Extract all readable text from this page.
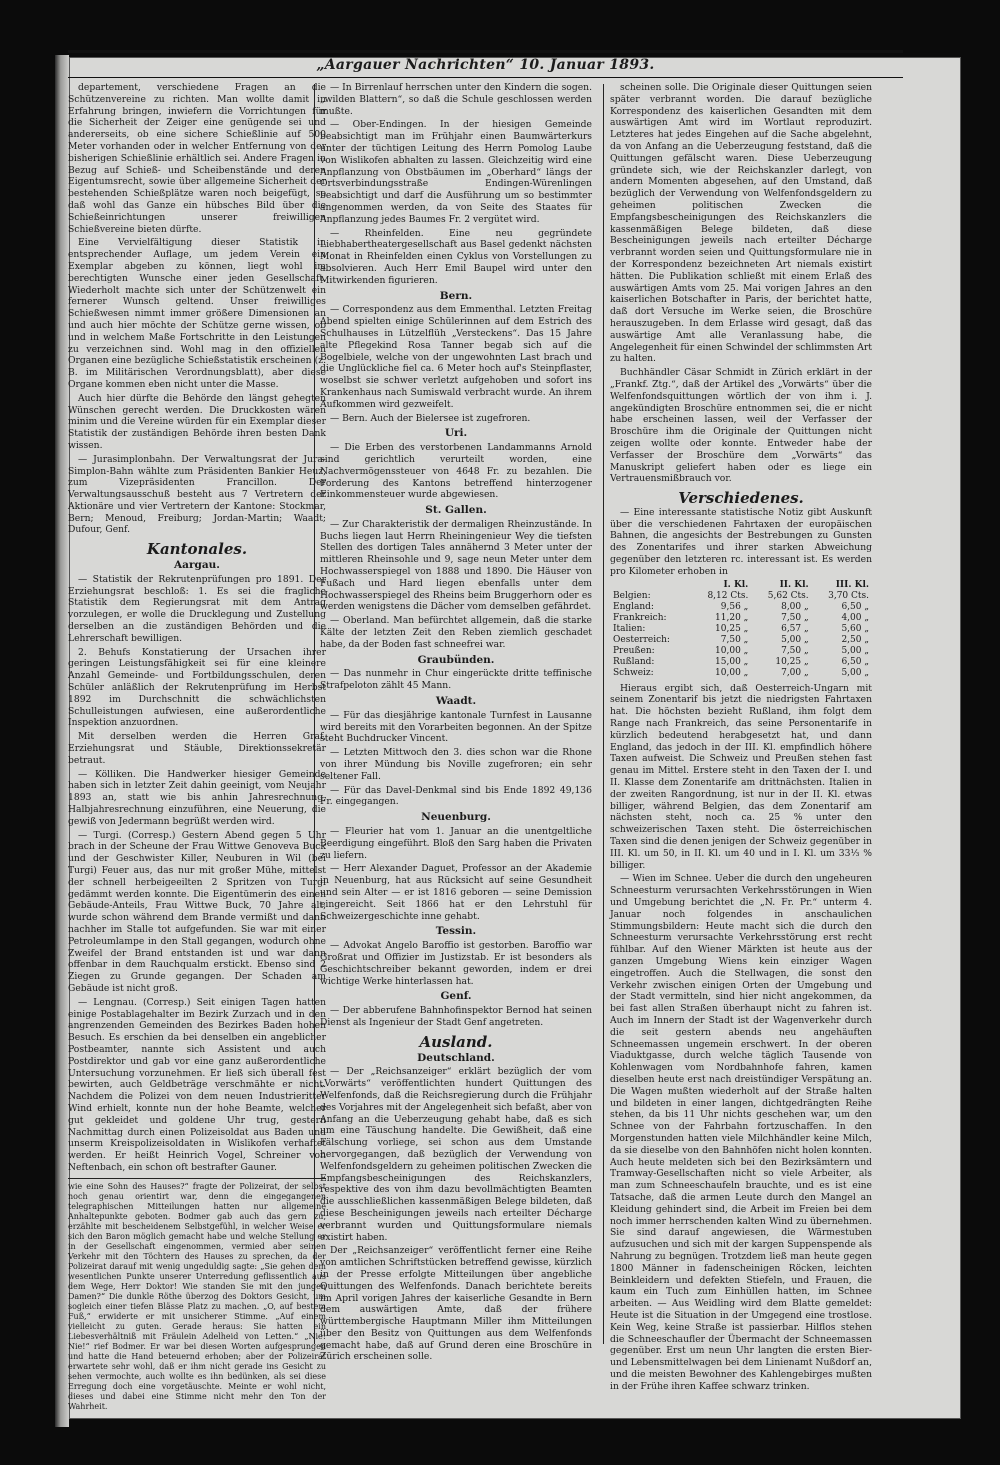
„Aargauer Nachrichten“ 10. Januar 1893.

departement, verschiedene Fragen an die Schützenvereine zu richten. Man wollte damit in Erfahrung bringen, inwiefern die Vorrichtungen für die Sicherheit der Zeiger eine genügende sei und andererseits, ob eine sichere Schießlinie auf 500 Meter vorhanden oder in welcher Entfernung von der bisherigen Schießlinie erhältlich sei. Andere Fragen in Bezug auf Schieß- und Scheibenstände und deren Eigentumsrecht, sowie über allgemeine Sicherheit der bestehenden Schießplätze waren noch beigefügt, so daß wohl das Ganze ein hübsches Bild über die Schießeinrichtungen unserer freiwilligen Schießvereine bieten dürfte.

Eine Vervielfältigung dieser Statistik in entsprechender Auflage, um jedem Verein ein Exemplar abgeben zu können, liegt wohl im berechtigten Wunsche einer jeden Gesellschaft. Wiederholt machte sich unter der Schützenwelt ein fernerer Wunsch geltend. Unser freiwilliges Schießwesen nimmt immer größere Dimensionen an und auch hier möchte der Schütze gerne wissen, ob und in welchem Maße Fortschritte in den Leistungen zu verzeichnen sind. Wohl mag in den offiziellen Organen eine bezügliche Schießstatistik erscheinen (z. B. im Militärischen Verordnungsblatt), aber diese Organe kommen eben nicht unter die Masse.

Auch hier dürfte die Behörde den längst gehegten Wünschen gerecht werden. Die Druckkosten wären minim und die Vereine würden für ein Exemplar dieser Statistik der zuständigen Behörde ihren besten Dank wissen.

— Jurasimplonbahn. Der Verwaltungsrat der Jura-Simplon-Bahn wählte zum Präsidenten Bankier Heuz, zum Vizepräsidenten Francillon. Der Verwaltungsausschuß besteht aus 7 Vertretern der Aktionäre und vier Vertretern der Kantone: Stockmar, Bern; Menoud, Freiburg; Jordan-Martin; Waadt; Dufour, Genf.

Kantonales.
Aargau.

— Statistik der Rekrutenprüfungen pro 1891. Der Erziehungsrat beschloß: 1. Es sei die fragliche Statistik dem Regierungsrat mit dem Antrag vorzulegen, er wolle die Drucklegung und Zustellung derselben an die zuständigen Behörden und die Lehrerschaft bewilligen.

2. Behufs Konstatierung der Ursachen ihrer geringen Leistungsfähigkeit sei für eine kleinere Anzahl Gemeinde- und Fortbildungsschulen, deren Schüler anläßlich der Rekrutenprüfung im Herbst 1892 im Durchschnitt die schwächlichsten Schulleistungen aufwiesen, eine außerordentliche Inspektion anzuordnen.

Mit derselben werden die Herren Graf, Erziehungsrat und Stäuble, Direktionssekretär betraut.

— Kölliken. Die Handwerker hiesiger Gemeinde haben sich in letzter Zeit dahin geeinigt, vom Neujahr 1893 an, statt wie bis anhin Jahresrechnung, Halbjahresrechnung einzuführen, eine Neuerung, die gewiß von Jedermann begrüßt werden wird.

— Turgi. (Corresp.) Gestern Abend gegen 5 Uhr brach in der Scheune der Frau Wittwe Genoveva Buck und der Geschwister Killer, Neuburen in Wil (bei Turgi) Feuer aus, das nur mit großer Mühe, mittelst der schnell herbeigeeilten 2 Spritzen von Turgi gedämmt werden konnte. Die Eigentümerin des einen Gebäude-Anteils, Frau Wittwe Buck, 70 Jahre alt, wurde schon während dem Brande vermißt und dann nachher im Stalle tot aufgefunden. Sie war mit einer Petroleumlampe in den Stall gegangen, wodurch ohne Zweifel der Brand entstanden ist und war dann offenbar in dem Rauchqualm erstickt. Ebenso sind 2 Ziegen zu Grunde gegangen. Der Schaden am Gebäude ist nicht groß.

— Lengnau. (Corresp.) Seit einigen Tagen hatten einige Postablagehalter im Bezirk Zurzach und in den angrenzenden Gemeinden des Bezirkes Baden hohen Besuch. Es erschien da bei denselben ein angeblicher Postbeamter, nannte sich Assistent und auch Postdirektor und gab vor eine ganz außerordentliche Untersuchung vorzunehmen. Er ließ sich überall fest bewirten, auch Geldbeträge verschmähte er nicht. Nachdem die Polizei von dem neuen Industrieritter Wind erhielt, konnte nun der hohe Beamte, welcher gut gekleidet und goldene Uhr trug, gestern Nachmittag durch einen Polizeisoldat aus Baden und unserm Kreispolizeisoldaten in Wislikofen verhaftet werden. Er heißt Heinrich Vogel, Schreiner von Neftenbach, ein schon oft bestrafter Gauner.

wie eine Sohn des Hauses?“ fragte der Polizeirat, der selbst noch genau orientirt war, denn die eingegangenen telegraphischen Mitteilungen hatten nur allgemeine Anhaltepunkte geboten. Bodmer gab auch das gern zu, erzählte mit bescheidenem Selbstgefühl, in welcher Weise er sich den Baron möglich gemacht habe und welche Stellung er in der Gesellschaft eingenommen, vermied aber seinen Verkehr mit den Töchtern des Hauses zu sprechen, da der Polizeirat darauf mit wenig ungeduldig sagte: „Sie gehen dem wesentlichen Punkte unserer Unterredung geflissentlich aus dem Wege, Herr Doktor! Wie standen Sie mit den jungen Damen?“ Die dunkle Röthe überzog des Doktors Gesicht, um sogleich einer tiefen Blässe Platz zu machen. „O, auf bestem Fuß,“ erwiderte er mit unsicherer Stimme. „Auf einem vielleicht zu guten. Gerade heraus: Sie hatten ein Liebesverhältniß mit Fräulein Adelheid von Letten.“ „Nie! Nie!“ rief Bodmer. Er war bei diesen Worten aufgesprungen und hatte die Hand beteuernd erhoben; aber der Polizeirat erwartete sehr wohl, daß er ihm nicht gerade ins Gesicht zu sehen vermochte, auch wollte es ihn bedünken, als sei diese Erregung doch eine vorgetäuschte. Meinte er wohl nicht, dieses und dabei eine Stimme nicht mehr den Ton der Wahrheit.

— In Birrenlauf herrschen unter den Kindern die sogen. „wilden Blattern“, so daß die Schule geschlossen werden mußte.

— Ober-Endingen. In der hiesigen Gemeinde beabsichtigt man im Frühjahr einen Baumwärterkurs unter der tüchtigen Leitung des Herrn Pomolog Laube von Wislikofen abhalten zu lassen. Gleichzeitig wird eine Anpflanzung von Obstbäumen im „Oberhard“ längs der Ortsverbindungsstraße Endingen-Würenlingen beabsichtigt und darf die Ausführung um so bestimmter angenommen werden, da von Seite des Staates für Anpflanzung jedes Baumes Fr. 2 vergütet wird.

— Rheinfelden. Eine neu gegründete Liebhabertheatergesellschaft aus Basel gedenkt nächsten Monat in Rheinfelden einen Cyklus von Vorstellungen zu absolvieren. Auch Herr Emil Baupel wird unter den Mitwirkenden figurieren.

Bern.

— Correspondenz aus dem Emmenthal. Letzten Freitag Abend spielten einige Schülerinnen auf dem Estrich des Schulhauses in Lützelflüh „Versteckens“. Das 15 Jahre alte Pflegekind Rosa Tanner begab sich auf die Bogelbiele, welche von der ungewohnten Last brach und die Unglückliche fiel ca. 6 Meter hoch auf's Steinpflaster, woselbst sie schwer verletzt aufgehoben und sofort ins Krankenhaus nach Sumiswald verbracht wurde. An ihrem Aufkommen wird gezweifelt.

— Bern. Auch der Bielersee ist zugefroren.

Uri.

— Die Erben des verstorbenen Landammanns Arnold sind gerichtlich verurteilt worden, eine Nachvermögenssteuer von 4648 Fr. zu bezahlen. Die Forderung des Kantons betreffend hinterzogener Einkommensteuer wurde abgewiesen.

St. Gallen.

— Zur Charakteristik der dermaligen Rheinzustände. In Buchs liegen laut Herrn Rheiningenieur Wey die tiefsten Stellen des dortigen Tales annähernd 3 Meter unter der mittleren Rheinsohle und 9, sage neun Meter unter dem Hochwasserspiegel von 1888 und 1890. Die Häuser von Fußach und Hard liegen ebenfalls unter dem Hochwasserspiegel des Rheins beim Bruggerhorn oder es werden wenigstens die Dächer vom demselben gefährdet.

— Oberland. Man befürchtet allgemein, daß die starke Kälte der letzten Zeit den Reben ziemlich geschadet habe, da der Boden fast schneefrei war.

Graubünden.

— Das nunmehr in Chur eingerückte dritte teffinische Strafpeloton zählt 45 Mann.

Waadt.

— Für das diesjährige kantonale Turnfest in Lausanne wird bereits mit den Vorarbeiten begonnen. An der Spitze steht Buchdrucker Vincent.

— Letzten Mittwoch den 3. dies schon war die Rhone von ihrer Mündung bis Noville zugefroren; ein sehr seltener Fall.

— Für das Davel-Denkmal sind bis Ende 1892 49,136 Fr. eingegangen.

Neuenburg.

— Fleurier hat vom 1. Januar an die unentgeltliche Beerdigung eingeführt. Bloß den Sarg haben die Privaten zu liefern.

— Herr Alexander Daguet, Professor an der Akademie in Neuenburg, hat aus Rücksicht auf seine Gesundheit und sein Alter — er ist 1816 geboren — seine Demission eingereicht. Seit 1866 hat er den Lehrstuhl für Schweizergeschichte inne gehabt.

Tessin.

— Advokat Angelo Baroffio ist gestorben. Baroffio war Großrat und Offizier im Justizstab. Er ist besonders als Geschichtschreiber bekannt geworden, indem er drei wichtige Werke hinterlassen hat.

Genf.

— Der abberufene Bahnhofinspektor Bernod hat seinen Dienst als Ingenieur der Stadt Genf angetreten.

Ausland.
Deutschland.

— Der „Reichsanzeiger“ erklärt bezüglich der vom „Vorwärts“ veröffentlichten hundert Quittungen des Welfenfonds, daß die Reichsregierung durch die Frühjahr des Vorjahres mit der Angelegenheit sich befaßt, aber von Anfang an die Ueberzeugung gehabt habe, daß es sich um eine Täuschung handelte. Die Gewißheit, daß eine Fälschung vorliege, sei schon aus dem Umstande hervorgegangen, daß bezüglich der Verwendung von Welfenfondsgeldern zu geheimen politischen Zwecken die Empfangsbescheinigungen des Reichskanzlers, respektive des von ihm dazu bevollmächtigten Beamten die ausschließlichen kassenmäßigen Belege bildeten, daß diese Bescheinigungen jeweils nach erteilter Décharge verbrannt wurden und Quittungsformulare niemals existirt haben.

Der „Reichsanzeiger“ veröffentlicht ferner eine Reihe von amtlichen Schriftstücken betreffend gewisse, kürzlich in der Presse erfolgte Mitteilungen über angebliche Quittungen des Welfenfonds. Danach berichtete bereits im April vorigen Jahres der kaiserliche Gesandte in Bern dem auswärtigen Amte, daß der frühere württembergische Hauptmann Miller ihm Mitteilungen über den Besitz von Quittungen aus dem Welfenfonds gemacht habe, daß auf Grund deren eine Broschüre in Zürich erscheinen solle.

scheinen solle. Die Originale dieser Quittungen seien später verbrannt worden. Die darauf bezügliche Korrespondenz des kaiserlichen Gesandten mit dem auswärtigen Amt wird im Wortlaut reproduzirt. Letzteres hat jedes Eingehen auf die Sache abgelehnt, da von Anfang an die Ueberzeugung feststand, daß die Quittungen gefälscht waren. Diese Ueberzeugung gründete sich, wie der Reichskanzler darlegt, von andern Momenten abgesehen, auf den Umstand, daß bezüglich der Verwendung von Welfenfondsgeldern zu geheimen politischen Zwecken die Empfangsbescheinigungen des Reichskanzlers die kassenmäßigen Belege bildeten, daß diese Bescheinigungen jeweils nach erteilter Décharge verbrannt worden seien und Quittungsformulare nie in der Korrespondenz bezeichneten Art niemals existirt hätten. Die Publikation schließt mit einem Erlaß des auswärtigen Amts vom 25. Mai vorigen Jahres an den kaiserlichen Botschafter in Paris, der berichtet hatte, daß dort Versuche im Werke seien, die Broschüre herauszugeben. In dem Erlasse wird gesagt, daß das auswärtige Amt alle Veranlassung habe, die Angelegenheit für einen Schwindel der schlimmsten Art zu halten.

Buchhändler Cäsar Schmidt in Zürich erklärt in der „Frankf. Ztg.“, daß der Artikel des „Vorwärts“ über die Welfenfondsquittungen wörtlich der von ihm i. J. angekündigten Broschüre entnommen sei, die er nicht habe erscheinen lassen, weil der Verfasser der Broschüre ihm die Originale der Quittungen nicht zeigen wollte oder konnte. Entweder habe der Verfasser der Broschüre dem „Vorwärts“ das Manuskript geliefert haben oder es liege ein Vertrauensmißbrauch vor.

Verschiedenes.

— Eine interessante statistische Notiz gibt Auskunft über die verschiedenen Fahrtaxen der europäischen Bahnen, die angesichts der Bestrebungen zu Gunsten des Zonentarifes und ihrer starken Abweichung gegenüber den letzteren rc. interessant ist. Es werden pro Kilometer erhoben in

	I. Kl.	II. Kl.	III. Kl.
Belgien:	8,12 Cts.	5,62 Cts.	3,70 Cts.
England:	9,56 „	8,00 „	6,50 „
Frankreich:	11,20 „	7,50 „	4,00 „
Italien:	10,25 „	6,57 „	5,60 „
Oesterreich:	7,50 „	5,00 „	2,50 „
Preußen:	10,00 „	7,50 „	5,00 „
Rußland:	15,00 „	10,25 „	6,50 „
Schweiz:	10,00 „	7,00 „	5,00 „

Hieraus ergibt sich, daß Oesterreich-Ungarn mit seinem Zonentarif bis jetzt die niedrigsten Fahrtaxen hat. Die höchsten bezieht Rußland, ihm folgt dem Range nach Frankreich, das seine Personentarife in kürzlich bedeutend herabgesetzt hat, und dann England, das jedoch in der III. Kl. empfindlich höhere Taxen aufweist. Die Schweiz und Preußen stehen fast genau im Mittel. Erstere steht in den Taxen der I. und II. Klasse dem Zonentarife am drittnächsten. Italien in der zweiten Rangordnung, ist nur in der II. Kl. etwas billiger, während Belgien, das dem Zonentarif am nächsten steht, noch ca. 25 % unter den schweizerischen Taxen steht. Die österreichischen Taxen sind die denen jenigen der Schweiz gegenüber in III. Kl. um 50, in II. Kl. um 40 und in I. Kl. um 33⅓ % billiger.

— Wien im Schnee. Ueber die durch den ungeheuren Schneesturm verursachten Verkehrsstörungen in Wien und Umgebung berichtet die „N. Fr. Pr.“ unterm 4. Januar noch folgendes in anschaulichen Stimmungsbildern: Heute macht sich die durch den Schneesturm verursachte Verkehrsstörung erst recht fühlbar. Auf den Wiener Märkten ist heute aus der ganzen Umgebung Wiens kein einziger Wagen eingetroffen. Auch die Stellwagen, die sonst den Verkehr zwischen einigen Orten der Umgebung und der Stadt vermitteln, sind hier nicht angekommen, da bei fast allen Straßen überhaupt nicht zu fahren ist. Auch im Innern der Stadt ist der Wagenverkehr durch die seit gestern abends neu angehäuften Schneemassen ungemein erschwert. In der oberen Viaduktgasse, durch welche täglich Tausende von Kohlenwagen vom Nordbahnhofe fahren, kamen dieselben heute erst nach dreistündiger Verspätung an. Die Wagen mußten wiederholt auf der Straße halten und bildeten in einer langen, dichtgedrängten Reihe stehen, da bis 11 Uhr nichts geschehen war, um den Schnee von der Fahrbahn fortzuschaffen. In den Morgenstunden hatten viele Milchhändler keine Milch, da sie dieselbe von den Bahnhöfen nicht holen konnten. Auch heute meldeten sich bei den Bezirksämtern und Tramway-Gesellschaften nicht so viele Arbeiter, als man zum Schneeschaufeln brauchte, und es ist eine Tatsache, daß die armen Leute durch den Mangel an Kleidung gehindert sind, die Arbeit im Freien bei dem noch immer herrschenden kalten Wind zu übernehmen. Sie sind darauf angewiesen, die Wärmestuben aufzusuchen und sich mit der kargen Suppenspende als Nahrung zu begnügen. Trotzdem ließ man heute gegen 1800 Männer in fadenscheinigen Röcken, leichten Beinkleidern und defekten Stiefeln, und Frauen, die kaum ein Tuch zum Einhüllen hatten, im Schnee arbeiten. — Aus Weidling wird dem Blatte gemeldet: Heute ist die Situation in der Umgegend eine trostlose. Kein Weg, keine Straße ist passierbar. Hilflos stehen die Schneeschaufler der Übermacht der Schneemassen gegenüber. Erst um neun Uhr langten die ersten Bier- und Lebensmittelwagen bei dem Linienamt Nußdorf an, und die meisten Bewohner des Kahlengebirges mußten in der Frühe ihren Kaffee schwarz trinken.
